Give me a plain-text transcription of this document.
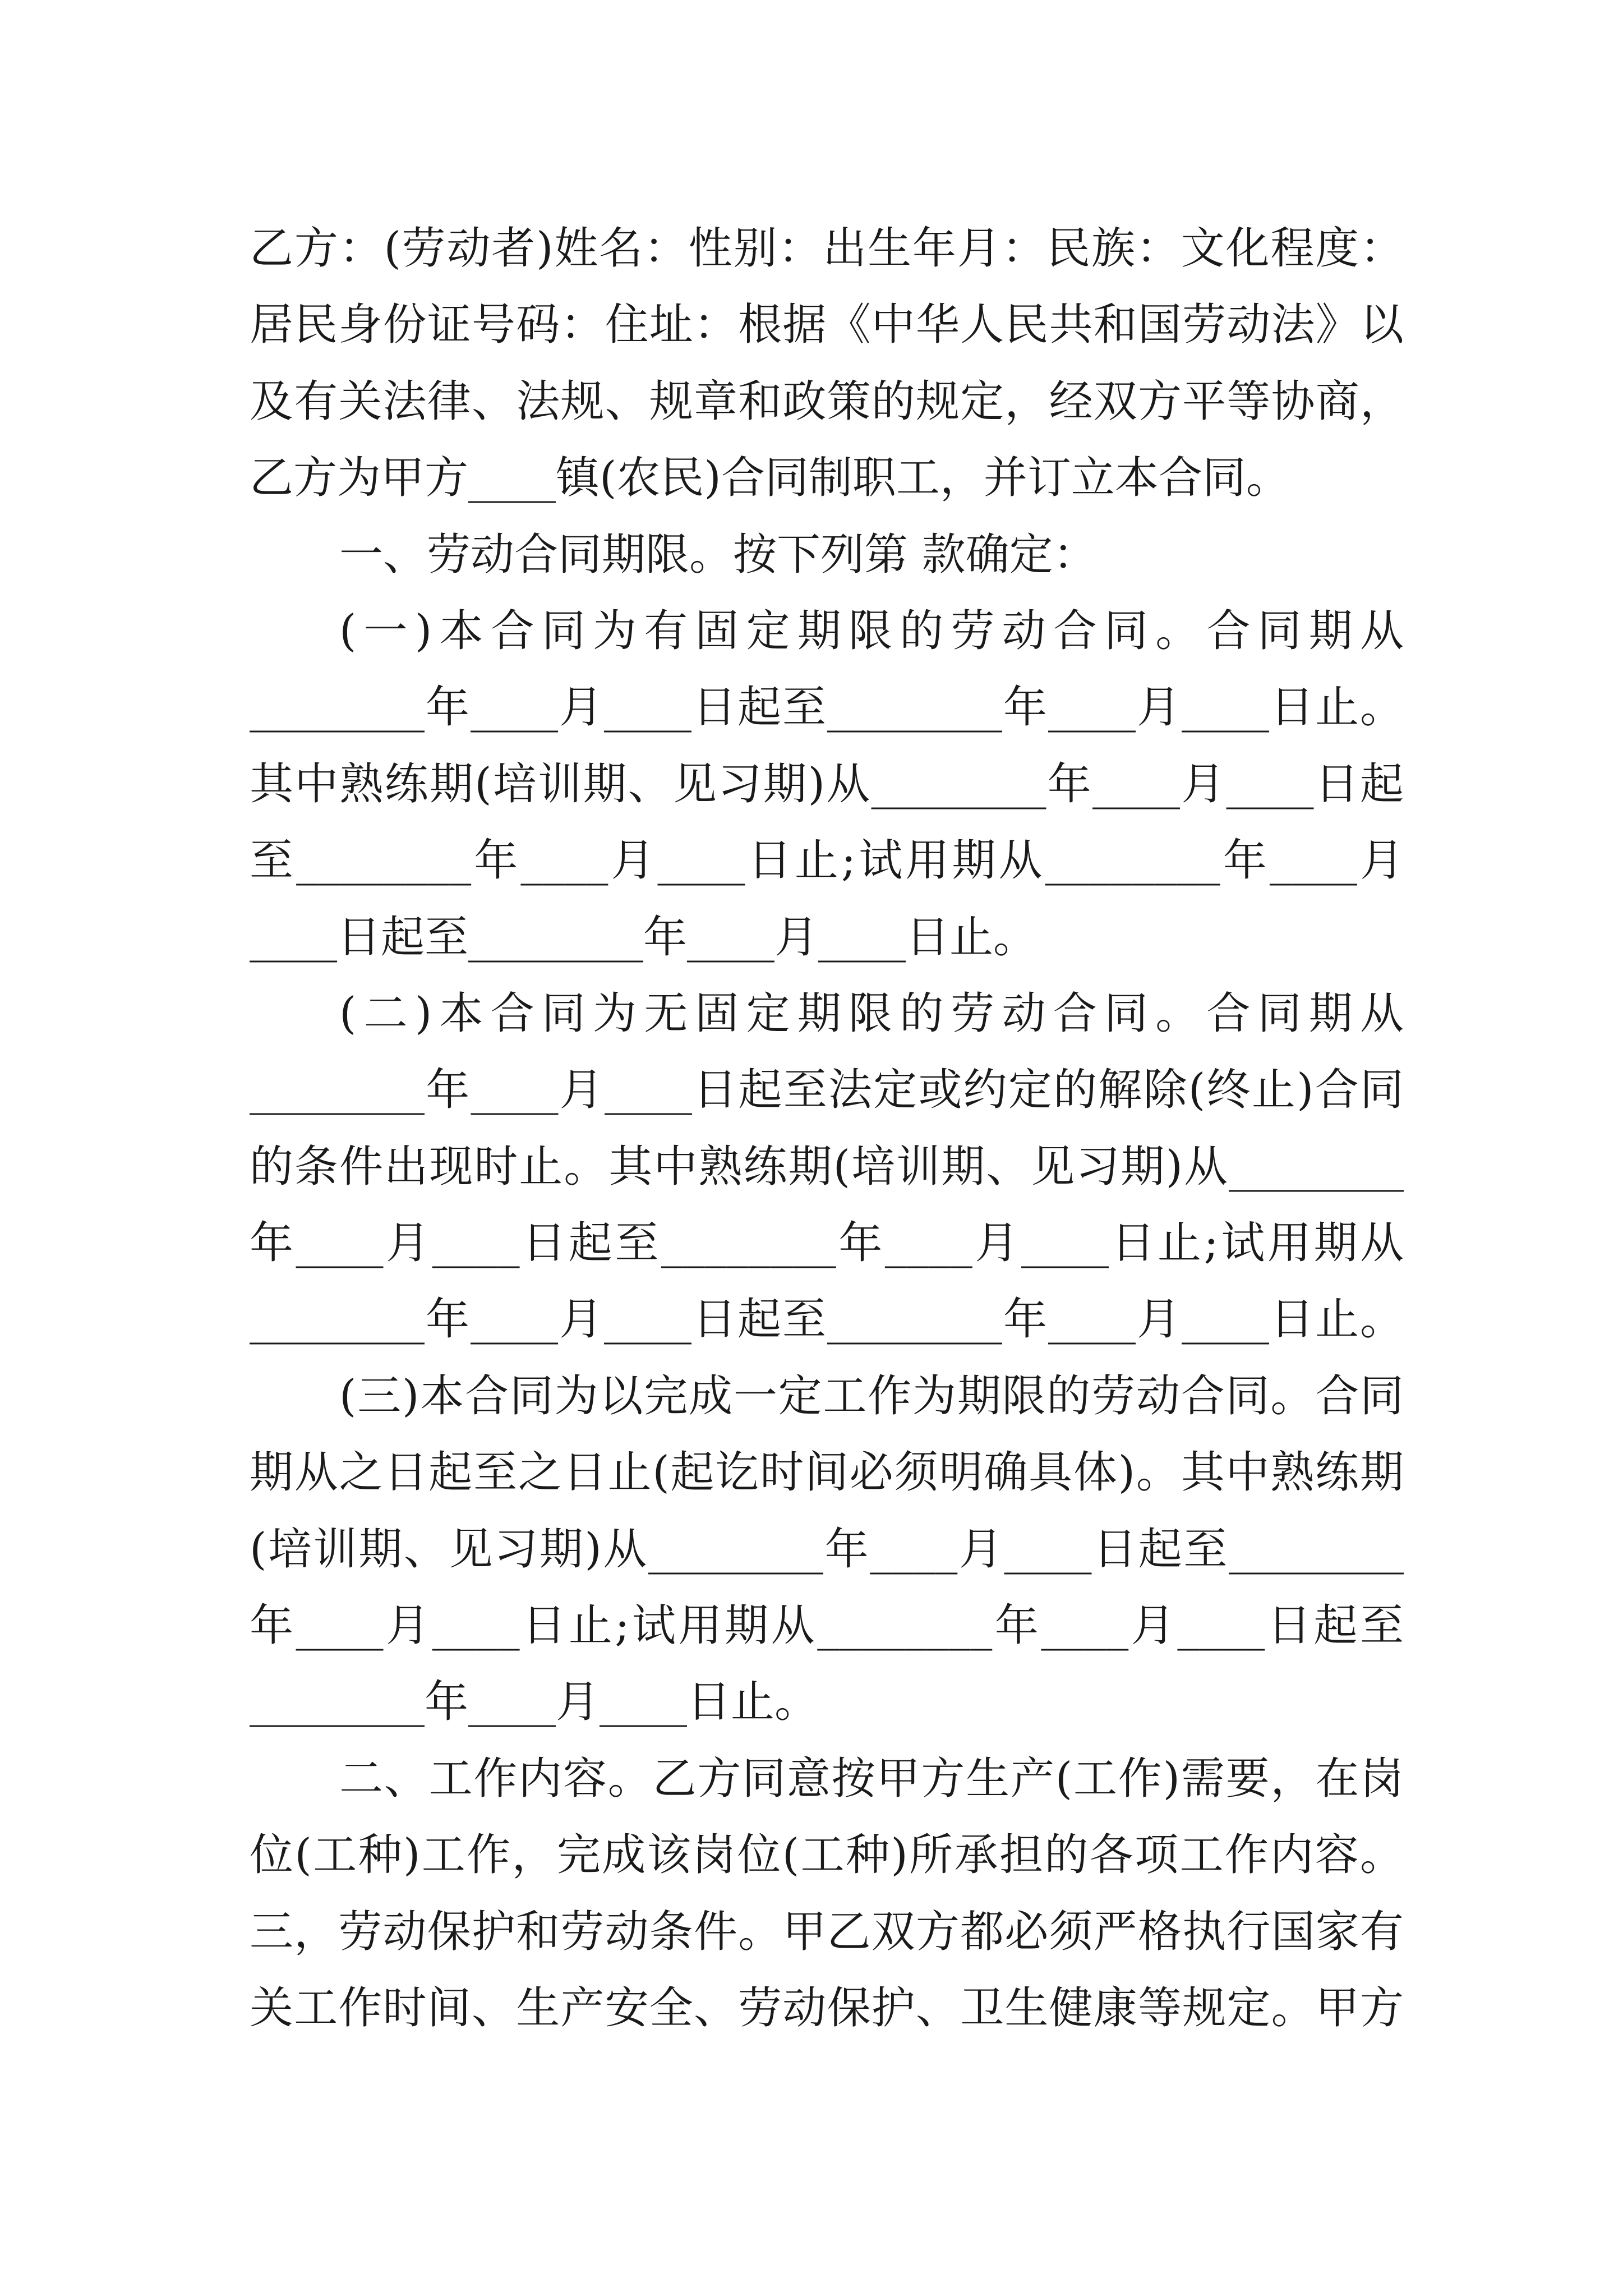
乙方：(劳动者)姓名：性别：出生年月：民族：文化程度：
居民身份证号码：住址：根据《中华人民共和国劳动法》以
及有关法律、法规、规章和政策的规定，经双方平等协商，
乙方为甲方____镇(农民)合同制职工，并订立本合同。
一、劳动合同期限。按下列第 款确定：
(一)本合同为有固定期限的劳动合同。合同期从
________年____月____日起至________年____月____日止。
其中熟练期(培训期、见习期)从________年____月____日起
至________年____月____日止;试用期从________年____月
____日起至________年____月____日止。
(二)本合同为无固定期限的劳动合同。合同期从
________年____月____日起至法定或约定的解除(终止)合同
的条件出现时止。其中熟练期(培训期、见习期)从________
年____月____日起至________年____月____日止;试用期从
________年____月____日起至________年____月____日止。
(三)本合同为以完成一定工作为期限的劳动合同。合同
期从之日起至之日止(起讫时间必须明确具体)。其中熟练期
(培训期、见习期)从________年____月____日起至________
年____月____日止;试用期从________年____月____日起至
________年____月____日止。
二、工作内容。乙方同意按甲方生产(工作)需要，在岗
位(工种)工作，完成该岗位(工种)所承担的各项工作内容。
三，劳动保护和劳动条件。甲乙双方都必须严格执行国家有
关工作时间、生产安全、劳动保护、卫生健康等规定。甲方
